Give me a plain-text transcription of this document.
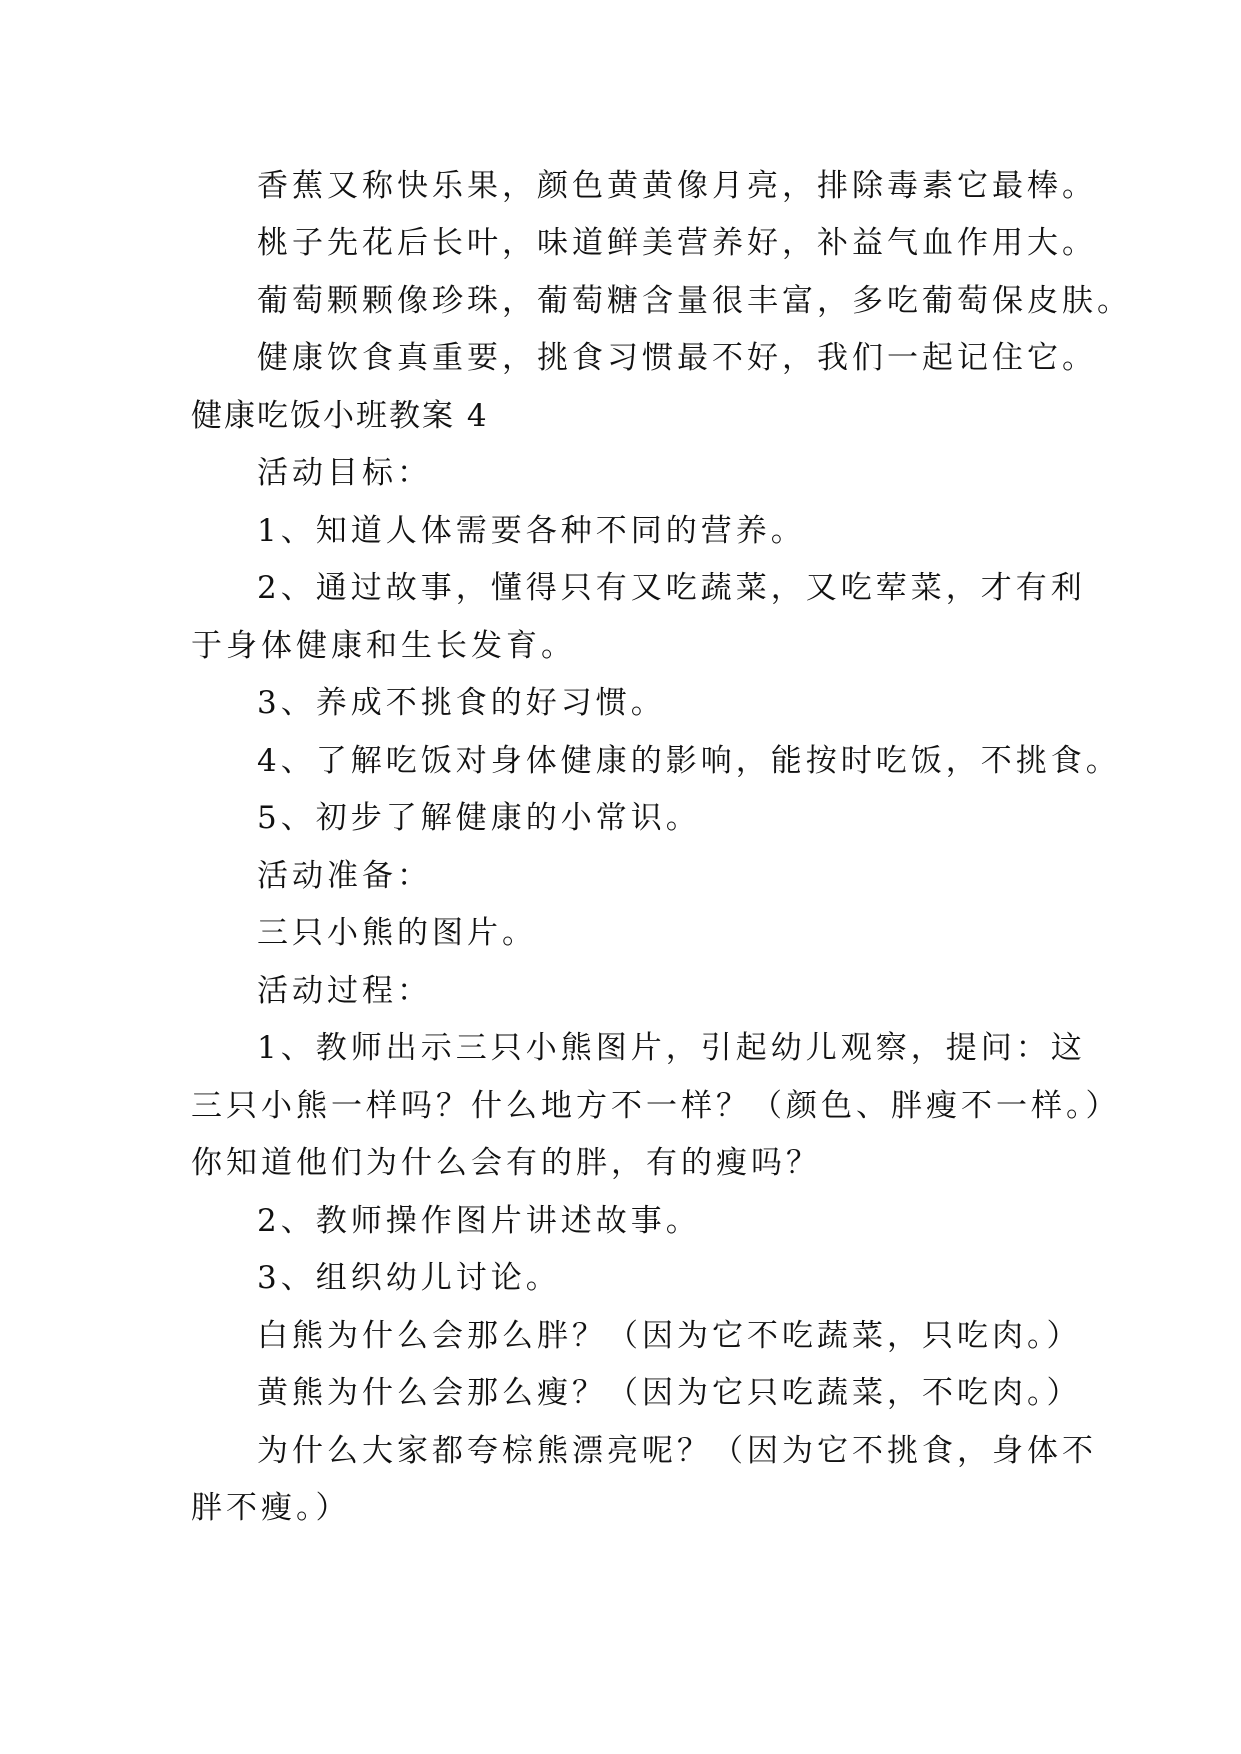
香蕉又称快乐果，颜色黄黄像月亮，排除毒素它最棒。
桃子先花后长叶，味道鲜美营养好，补益气血作用大。
葡萄颗颗像珍珠，葡萄糖含量很丰富，多吃葡萄保皮肤。
健康饮食真重要，挑食习惯最不好，我们一起记住它。
健康吃饭小班教案 4
活动目标：
1、知道人体需要各种不同的营养。
2、通过故事，懂得只有又吃蔬菜，又吃荤菜，才有利
于身体健康和生长发育。
3、养成不挑食的好习惯。
4、了解吃饭对身体健康的影响，能按时吃饭，不挑食。
5、初步了解健康的小常识。
活动准备：
三只小熊的图片。
活动过程：
1、教师出示三只小熊图片，引起幼儿观察，提问：这
三只小熊一样吗？什么地方不一样？（颜色、胖瘦不一样。）
你知道他们为什么会有的胖，有的瘦吗？
2、教师操作图片讲述故事。
3、组织幼儿讨论。
白熊为什么会那么胖？（因为它不吃蔬菜，只吃肉。）
黄熊为什么会那么瘦？（因为它只吃蔬菜，不吃肉。）
为什么大家都夸棕熊漂亮呢？（因为它不挑食，身体不
胖不瘦。）
